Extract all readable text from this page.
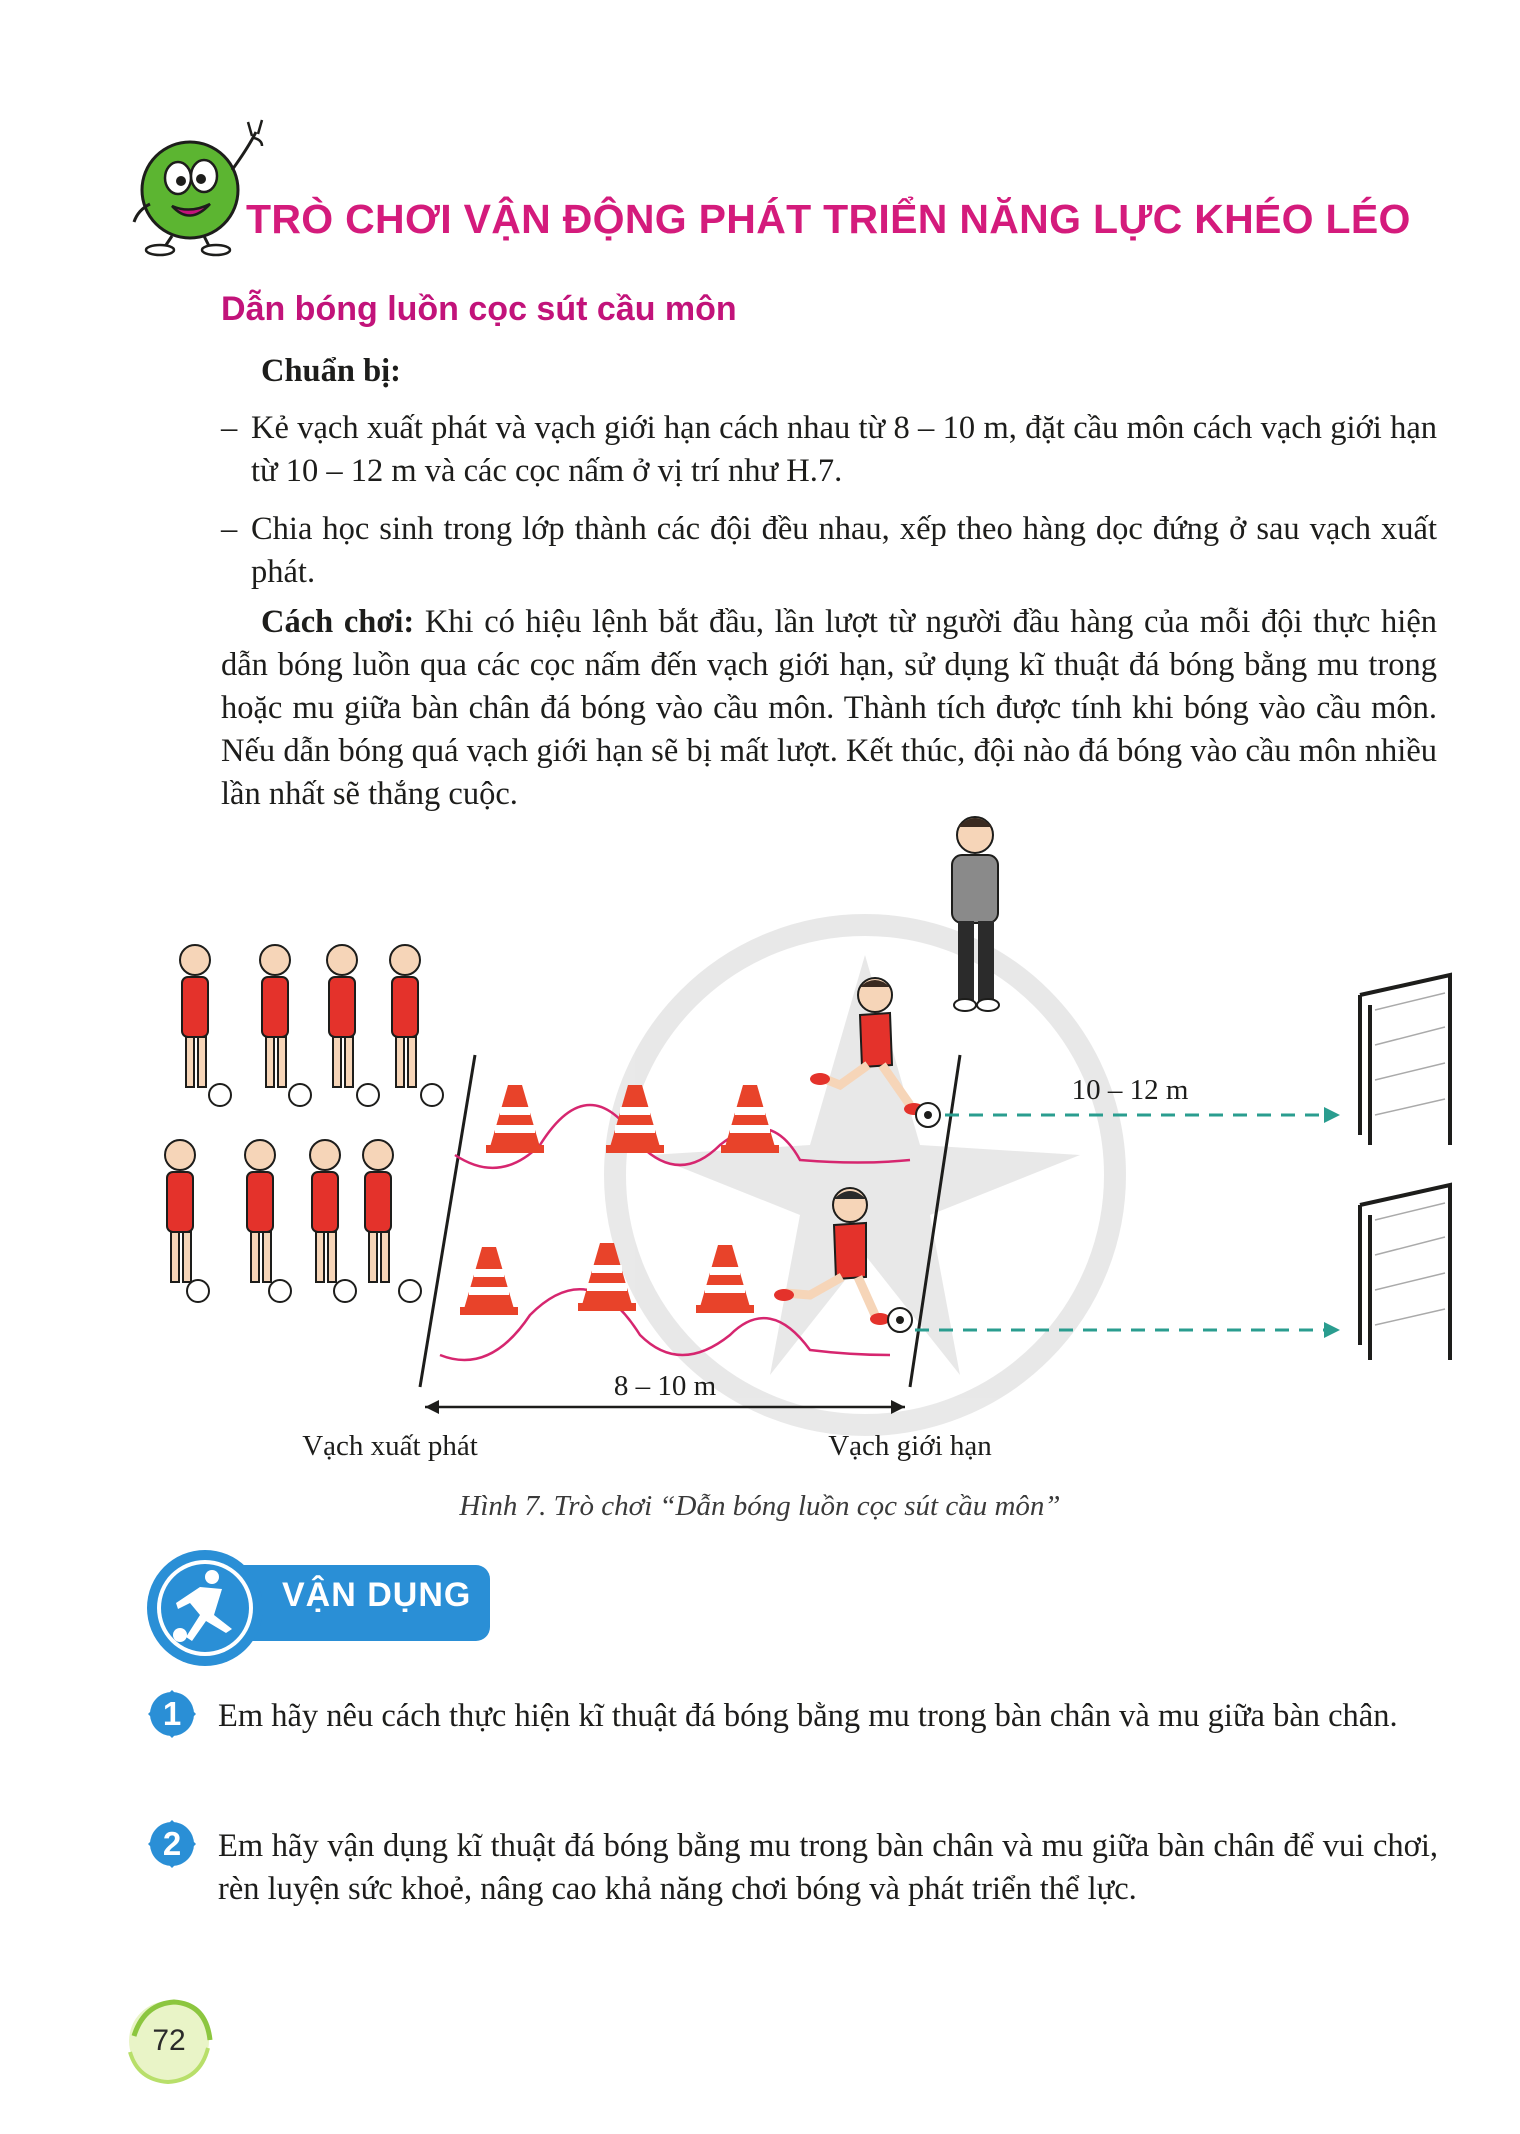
TRÒ CHƠI VẬN ĐỘNG PHÁT TRIỂN NĂNG LỰC KHÉO LÉO
Dẫn bóng luồn cọc sút cầu môn
Chuẩn bị:
– Kẻ vạch xuất phát và vạch giới hạn cách nhau từ 8 – 10 m, đặt cầu môn cách vạch giới hạn từ 10 – 12 m và các cọc nấm ở vị trí như H.7.
– Chia học sinh trong lớp thành các đội đều nhau, xếp theo hàng dọc đứng ở sau vạch xuất phát.

Cách chơi: Khi có hiệu lệnh bắt đầu, lần lượt từ người đầu hàng của mỗi đội thực hiện dẫn bóng luồn qua các cọc nấm đến vạch giới hạn, sử dụng kĩ thuật đá bóng bằng mu trong hoặc mu giữa bàn chân đá bóng vào cầu môn. Thành tích được tính khi bóng vào cầu môn. Nếu dẫn bóng quá vạch giới hạn sẽ bị mất lượt. Kết thúc, đội nào đá bóng vào cầu môn nhiều lần nhất sẽ thắng cuộc.

8 – 10 m
Vạch xuất phát	Vạch giới hạn
10 – 12 m

Hình 7. Trò chơi “Dẫn bóng luồn cọc sút cầu môn”

VẬN DỤNG
1	Em hãy nêu cách thực hiện kĩ thuật đá bóng bằng mu trong bàn chân và mu giữa bàn chân.

2	Em hãy vận dụng kĩ thuật đá bóng bằng mu trong bàn chân và mu giữa bàn chân để vui chơi, rèn luyện sức khoẻ, nâng cao khả năng chơi bóng và phát triển thể lực.

72
